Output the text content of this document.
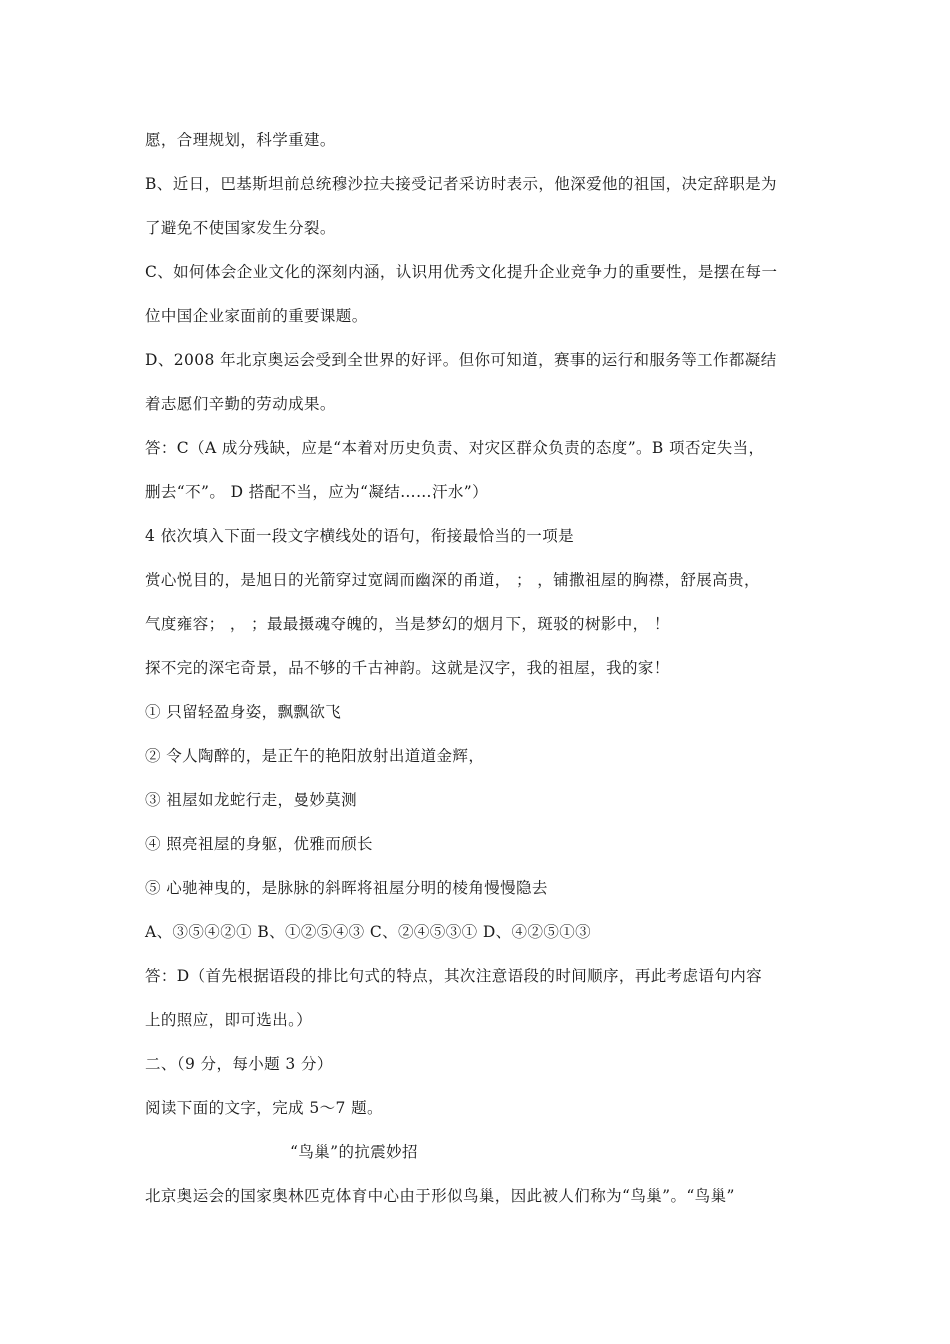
愿，合理规划，科学重建。
B、近日，巴基斯坦前总统穆沙拉夫接受记者采访时表示，他深爱他的祖国，决定辞职是为
了避免不使国家发生分裂。
C、如何体会企业文化的深刻内涵，认识用优秀文化提升企业竞争力的重要性，是摆在每一
位中国企业家面前的重要课题。
D、2008 年北京奥运会受到全世界的好评。但你可知道，赛事的运行和服务等工作都凝结
着志愿们辛勤的劳动成果。
答：C（A 成分残缺，应是“本着对历史负责、对灾区群众负责的态度”。B 项否定失当，
删去“不”。 D 搭配不当，应为“凝结……汗水”）
4 依次填入下面一段文字横线处的语句，衔接最恰当的一项是
赏心悦目的，是旭日的光箭穿过宽阔而幽深的甬道， ； ，铺撒祖屋的胸襟，舒展高贵，
气度雍容； ， ；最最摄魂夺魄的，当是梦幻的烟月下，斑驳的树影中， ！
探不完的深宅奇景，品不够的千古神韵。这就是汉字，我的祖屋，我的家！
① 只留轻盈身姿，飘飘欲飞
② 令人陶醉的，是正午的艳阳放射出道道金辉，
③ 祖屋如龙蛇行走，曼妙莫测
④ 照亮祖屋的身躯，优雅而颀长
⑤ 心驰神曳的，是脉脉的斜晖将祖屋分明的棱角慢慢隐去
A、③⑤④②① B、①②⑤④③ C、②④⑤③① D、④②⑤①③
答：D（首先根据语段的排比句式的特点，其次注意语段的时间顺序，再此考虑语句内容
上的照应，即可选出。）
二、（9 分，每小题 3 分）
阅读下面的文字，完成 5～7 题。
“鸟巢”的抗震妙招
北京奥运会的国家奥林匹克体育中心由于形似鸟巢，因此被人们称为“鸟巢”。“鸟巢”
